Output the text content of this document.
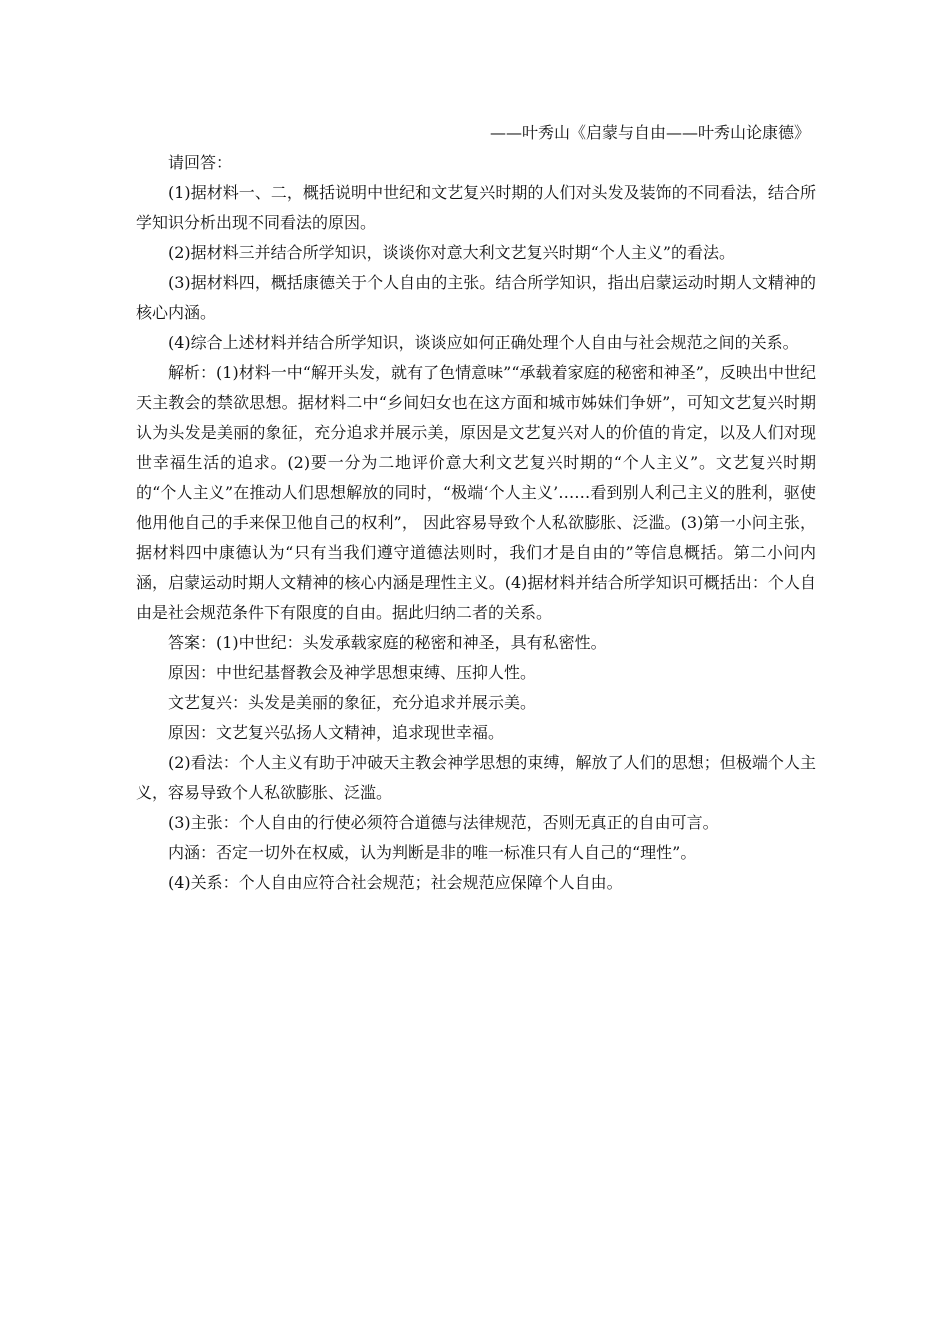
——叶秀山《启蒙与自由——叶秀山论康德》

请回答：

(1)据材料一、二，概括说明中世纪和文艺复兴时期的人们对头发及装饰的不同看法，结合所学知识分析出现不同看法的原因。

(2)据材料三并结合所学知识，谈谈你对意大利文艺复兴时期“个人主义”的看法。

(3)据材料四，概括康德关于个人自由的主张。结合所学知识，指出启蒙运动时期人文精神的核心内涵。

(4)综合上述材料并结合所学知识，谈谈应如何正确处理个人自由与社会规范之间的关系。

解析：(1)材料一中“解开头发，就有了色情意味”“承载着家庭的秘密和神圣”，反映出中世纪天主教会的禁欲思想。据材料二中“乡间妇女也在这方面和城市姊妹们争妍”，可知文艺复兴时期认为头发是美丽的象征，充分追求并展示美，原因是文艺复兴对人的价值的肯定，以及人们对现世幸福生活的追求。(2)要一分为二地评价意大利文艺复兴时期的“个人主义”。文艺复兴时期的“个人主义”在推动人们思想解放的同时，“极端‘个人主义’……看到别人利己主义的胜利，驱使他用他自己的手来保卫他自己的权利”， 因此容易导致个人私欲膨胀、泛滥。(3)第一小问主张，据材料四中康德认为“只有当我们遵守道德法则时，我们才是自由的”等信息概括。第二小问内涵，启蒙运动时期人文精神的核心内涵是理性主义。(4)据材料并结合所学知识可概括出：个人自由是社会规范条件下有限度的自由。据此归纳二者的关系。

答案：(1)中世纪：头发承载家庭的秘密和神圣，具有私密性。

原因：中世纪基督教会及神学思想束缚、压抑人性。

文艺复兴：头发是美丽的象征，充分追求并展示美。

原因：文艺复兴弘扬人文精神，追求现世幸福。

(2)看法：个人主义有助于冲破天主教会神学思想的束缚，解放了人们的思想；但极端个人主义，容易导致个人私欲膨胀、泛滥。

(3)主张：个人自由的行使必须符合道德与法律规范，否则无真正的自由可言。

内涵：否定一切外在权威，认为判断是非的唯一标准只有人自己的“理性”。

(4)关系：个人自由应符合社会规范；社会规范应保障个人自由。
